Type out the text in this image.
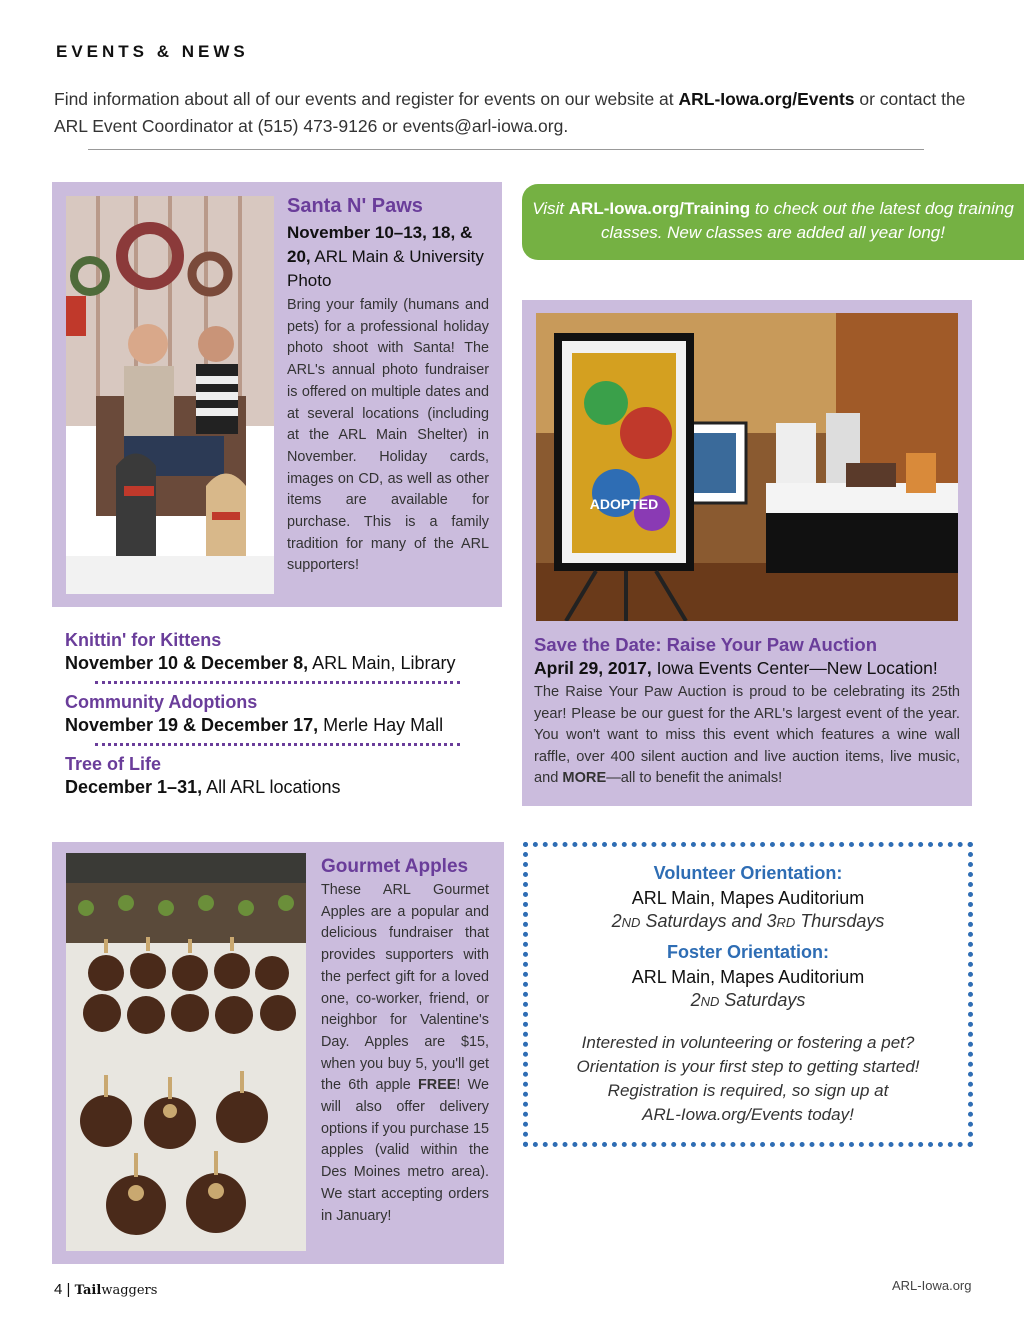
EVENTS & NEWS
Find information about all of our events and register for events on our website at ARL-Iowa.org/Events or contact the ARL Event Coordinator at (515) 473-9126 or events@arl-iowa.org.
Santa N' Paws
November 10–13, 18, & 20, ARL Main & University Photo
Bring your family (humans and pets) for a professional holiday photo shoot with Santa! The ARL's annual photo fundraiser is offered on multiple dates and at several locations (including at the ARL Main Shelter) in November. Holiday cards, images on CD, as well as other items are available for purchase. This is a family tradition for many of the ARL supporters!
Visit ARL-Iowa.org/Training to check out the latest dog training classes. New classes are added all year long!
ADOPTED
Save the Date: Raise Your Paw Auction
April 29, 2017, Iowa Events Center—New Location!
The Raise Your Paw Auction is proud to be celebrating its 25th year! Please be our guest for the ARL's largest event of the year. You won't want to miss this event which features a wine wall raffle, over 400 silent auction and live auction items, live music, and MORE—all to benefit the animals!
Knittin' for Kittens
November 10 & December 8, ARL Main, Library
Community Adoptions
November 19 & December 17, Merle Hay Mall
Tree of Life
December 1–31, All ARL locations
Gourmet Apples
These ARL Gourmet Apples are a popular and delicious fundraiser that provides supporters with the perfect gift for a loved one, co-worker, friend, or neighbor for Valentine's Day. Apples are $15, when you buy 5, you'll get the 6th apple FREE! We will also offer delivery options if you purchase 15 apples (valid within the Des Moines metro area). We start accepting orders in January!
Volunteer Orientation:
ARL Main, Mapes Auditorium
2ND Saturdays and 3RD Thursdays
Foster Orientation:
ARL Main, Mapes Auditorium
2ND Saturdays
Interested in volunteering or fostering a pet?
Orientation is your first step to getting started!
Registration is required, so sign up at
ARL-Iowa.org/Events today!
4 | Tailwaggers	ARL-Iowa.org
